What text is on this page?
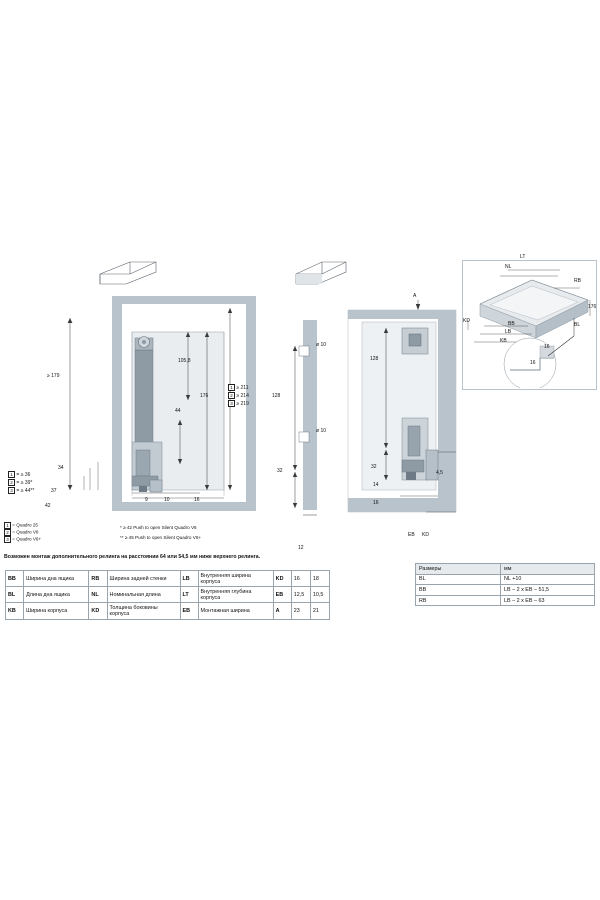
≥ 179
105,8
176
44
34
37
42
9	10	16
1 ≥ 211
2 ≥ 214
3 ≥ 219
1 = ≥ 36
2 = ≥ 39*
3 = ≥ 44**
128
32
ø 10
ø 10
12
A
128
32
14
16
4,5
EB KD
LT
NL
RB
176
BB
LB
KB
KD
BL
16
16
1 = Quadro 25
2 = Quadro V6
3 = Quadro V6+
* ≥ 42 Push to open Silent Quadro V6
** ≥ 45 Push to open Silent Quadro V6+
Возможен монтаж дополнительного релинга на расстоянии 64 или 54,5 мм ниже верхнего релинга.
BB	Ширина дна ящика	RB	Ширина задней стенки	LB	Внутренняя ширина корпуса	KD	16	18
BL	Длина дна ящика	NL	Номинальная длина	LT	Внутренняя глубина корпуса	EB	12,5	10,5
KB	Ширина корпуса	KD	Толщина боковины корпуса	EB	Монтажная ширина	A	23	21
Размеры	мм
BL	NL +10
BB	LB – 2 x EB – 51,5
RB	LB – 2 x EB – 63
